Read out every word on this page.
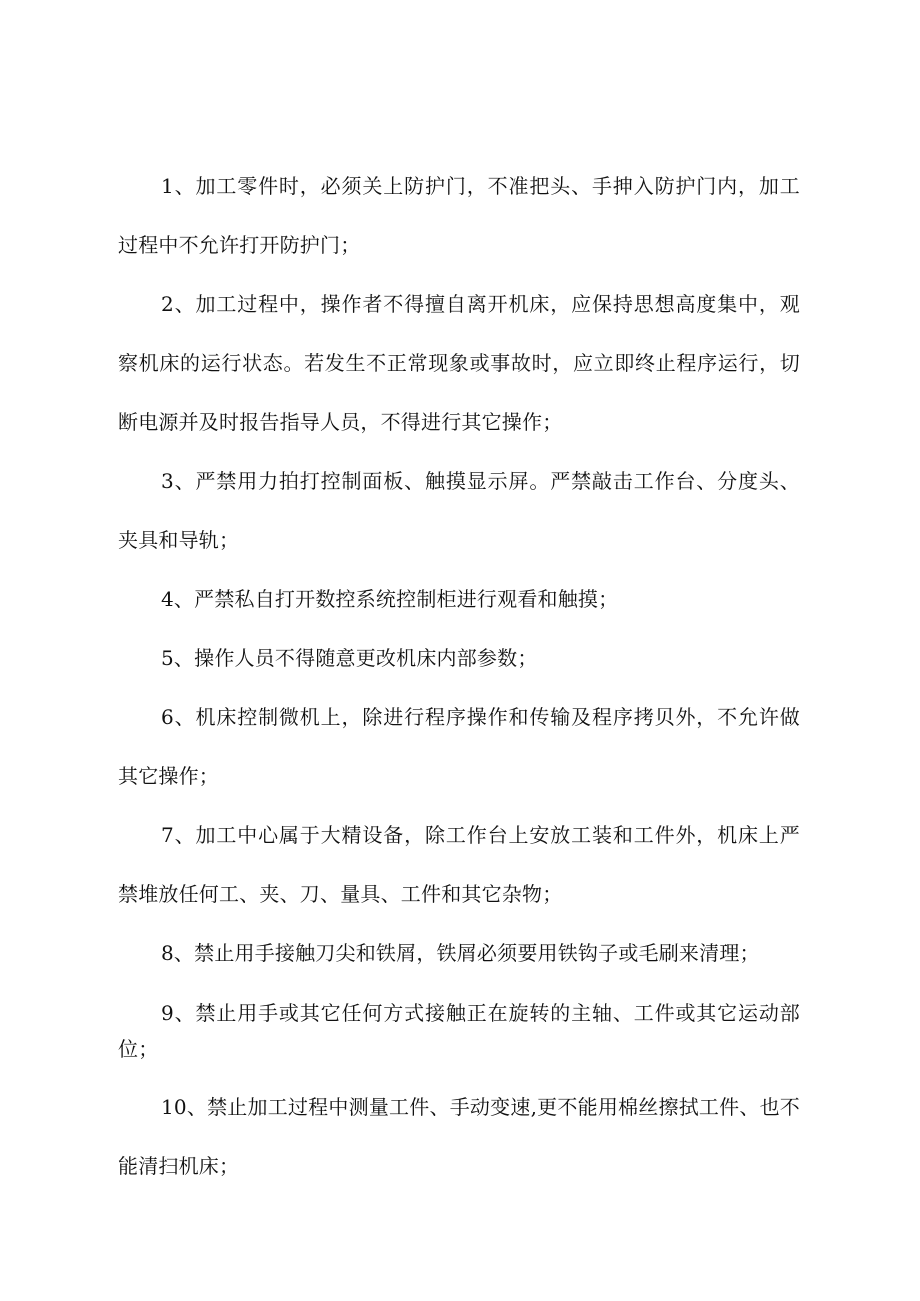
1、加工零件时，必须关上防护门，不准把头、手抻入防护门内，加工过程中不允许打开防护门；

2、加工过程中，操作者不得擅自离开机床，应保持思想高度集中，观察机床的运行状态。若发生不正常现象或事故时，应立即终止程序运行，切断电源并及时报告指导人员，不得进行其它操作；

3、严禁用力拍打控制面板、触摸显示屏。严禁敲击工作台、分度头、夹具和导轨；

4、严禁私自打开数控系统控制柜进行观看和触摸；

5、操作人员不得随意更改机床内部参数；

6、机床控制微机上，除进行程序操作和传输及程序拷贝外，不允许做其它操作；

7、加工中心属于大精设备，除工作台上安放工装和工件外，机床上严禁堆放任何工、夹、刀、量具、工件和其它杂物；

8、禁止用手接触刀尖和铁屑，铁屑必须要用铁钩子或毛刷来清理；

9、禁止用手或其它任何方式接触正在旋转的主轴、工件或其它运动部位；

10、禁止加工过程中测量工件、手动变速,更不能用棉丝擦拭工件、也不能清扫机床；
